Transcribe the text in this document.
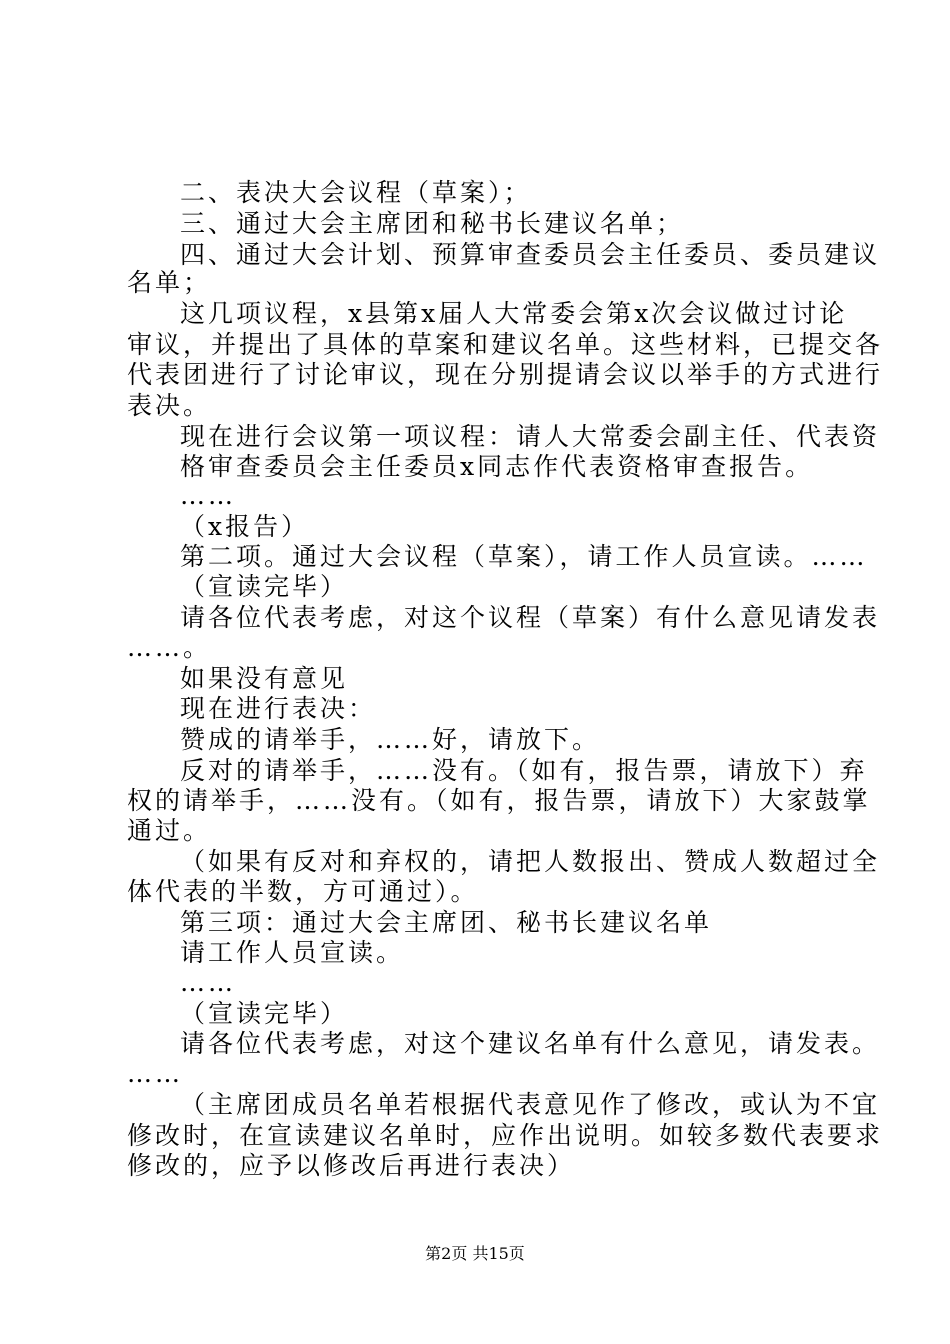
二、表决大会议程（草案）；

三、通过大会主席团和秘书长建议名单；

四、通过大会计划、预算审查委员会主任委员、委员建议

名单；

这几项议程，x县第x届人大常委会第x次会议做过讨论

审议，并提出了具体的草案和建议名单。这些材料，已提交各

代表团进行了讨论审议，现在分别提请会议以举手的方式进行

表决。

现在进行会议第一项议程：请人大常委会副主任、代表资

格审查委员会主任委员x同志作代表资格审查报告。

……

（x报告）

第二项。通过大会议程（草案），请工作人员宣读。……

（宣读完毕）

请各位代表考虑，对这个议程（草案）有什么意见请发表

……。

如果没有意见

现在进行表决：

赞成的请举手，……好，请放下。

反对的请举手，……没有。（如有，报告票，请放下）弃

权的请举手，……没有。（如有，报告票，请放下）大家鼓掌

通过。

（如果有反对和弃权的，请把人数报出、赞成人数超过全

体代表的半数，方可通过）。

第三项：通过大会主席团、秘书长建议名单

请工作人员宣读。

……

（宣读完毕）

请各位代表考虑，对这个建议名单有什么意见，请发表。

……

（主席团成员名单若根据代表意见作了修改，或认为不宜

修改时，在宣读建议名单时，应作出说明。如较多数代表要求

修改的，应予以修改后再进行表决）

第2页 共15页
